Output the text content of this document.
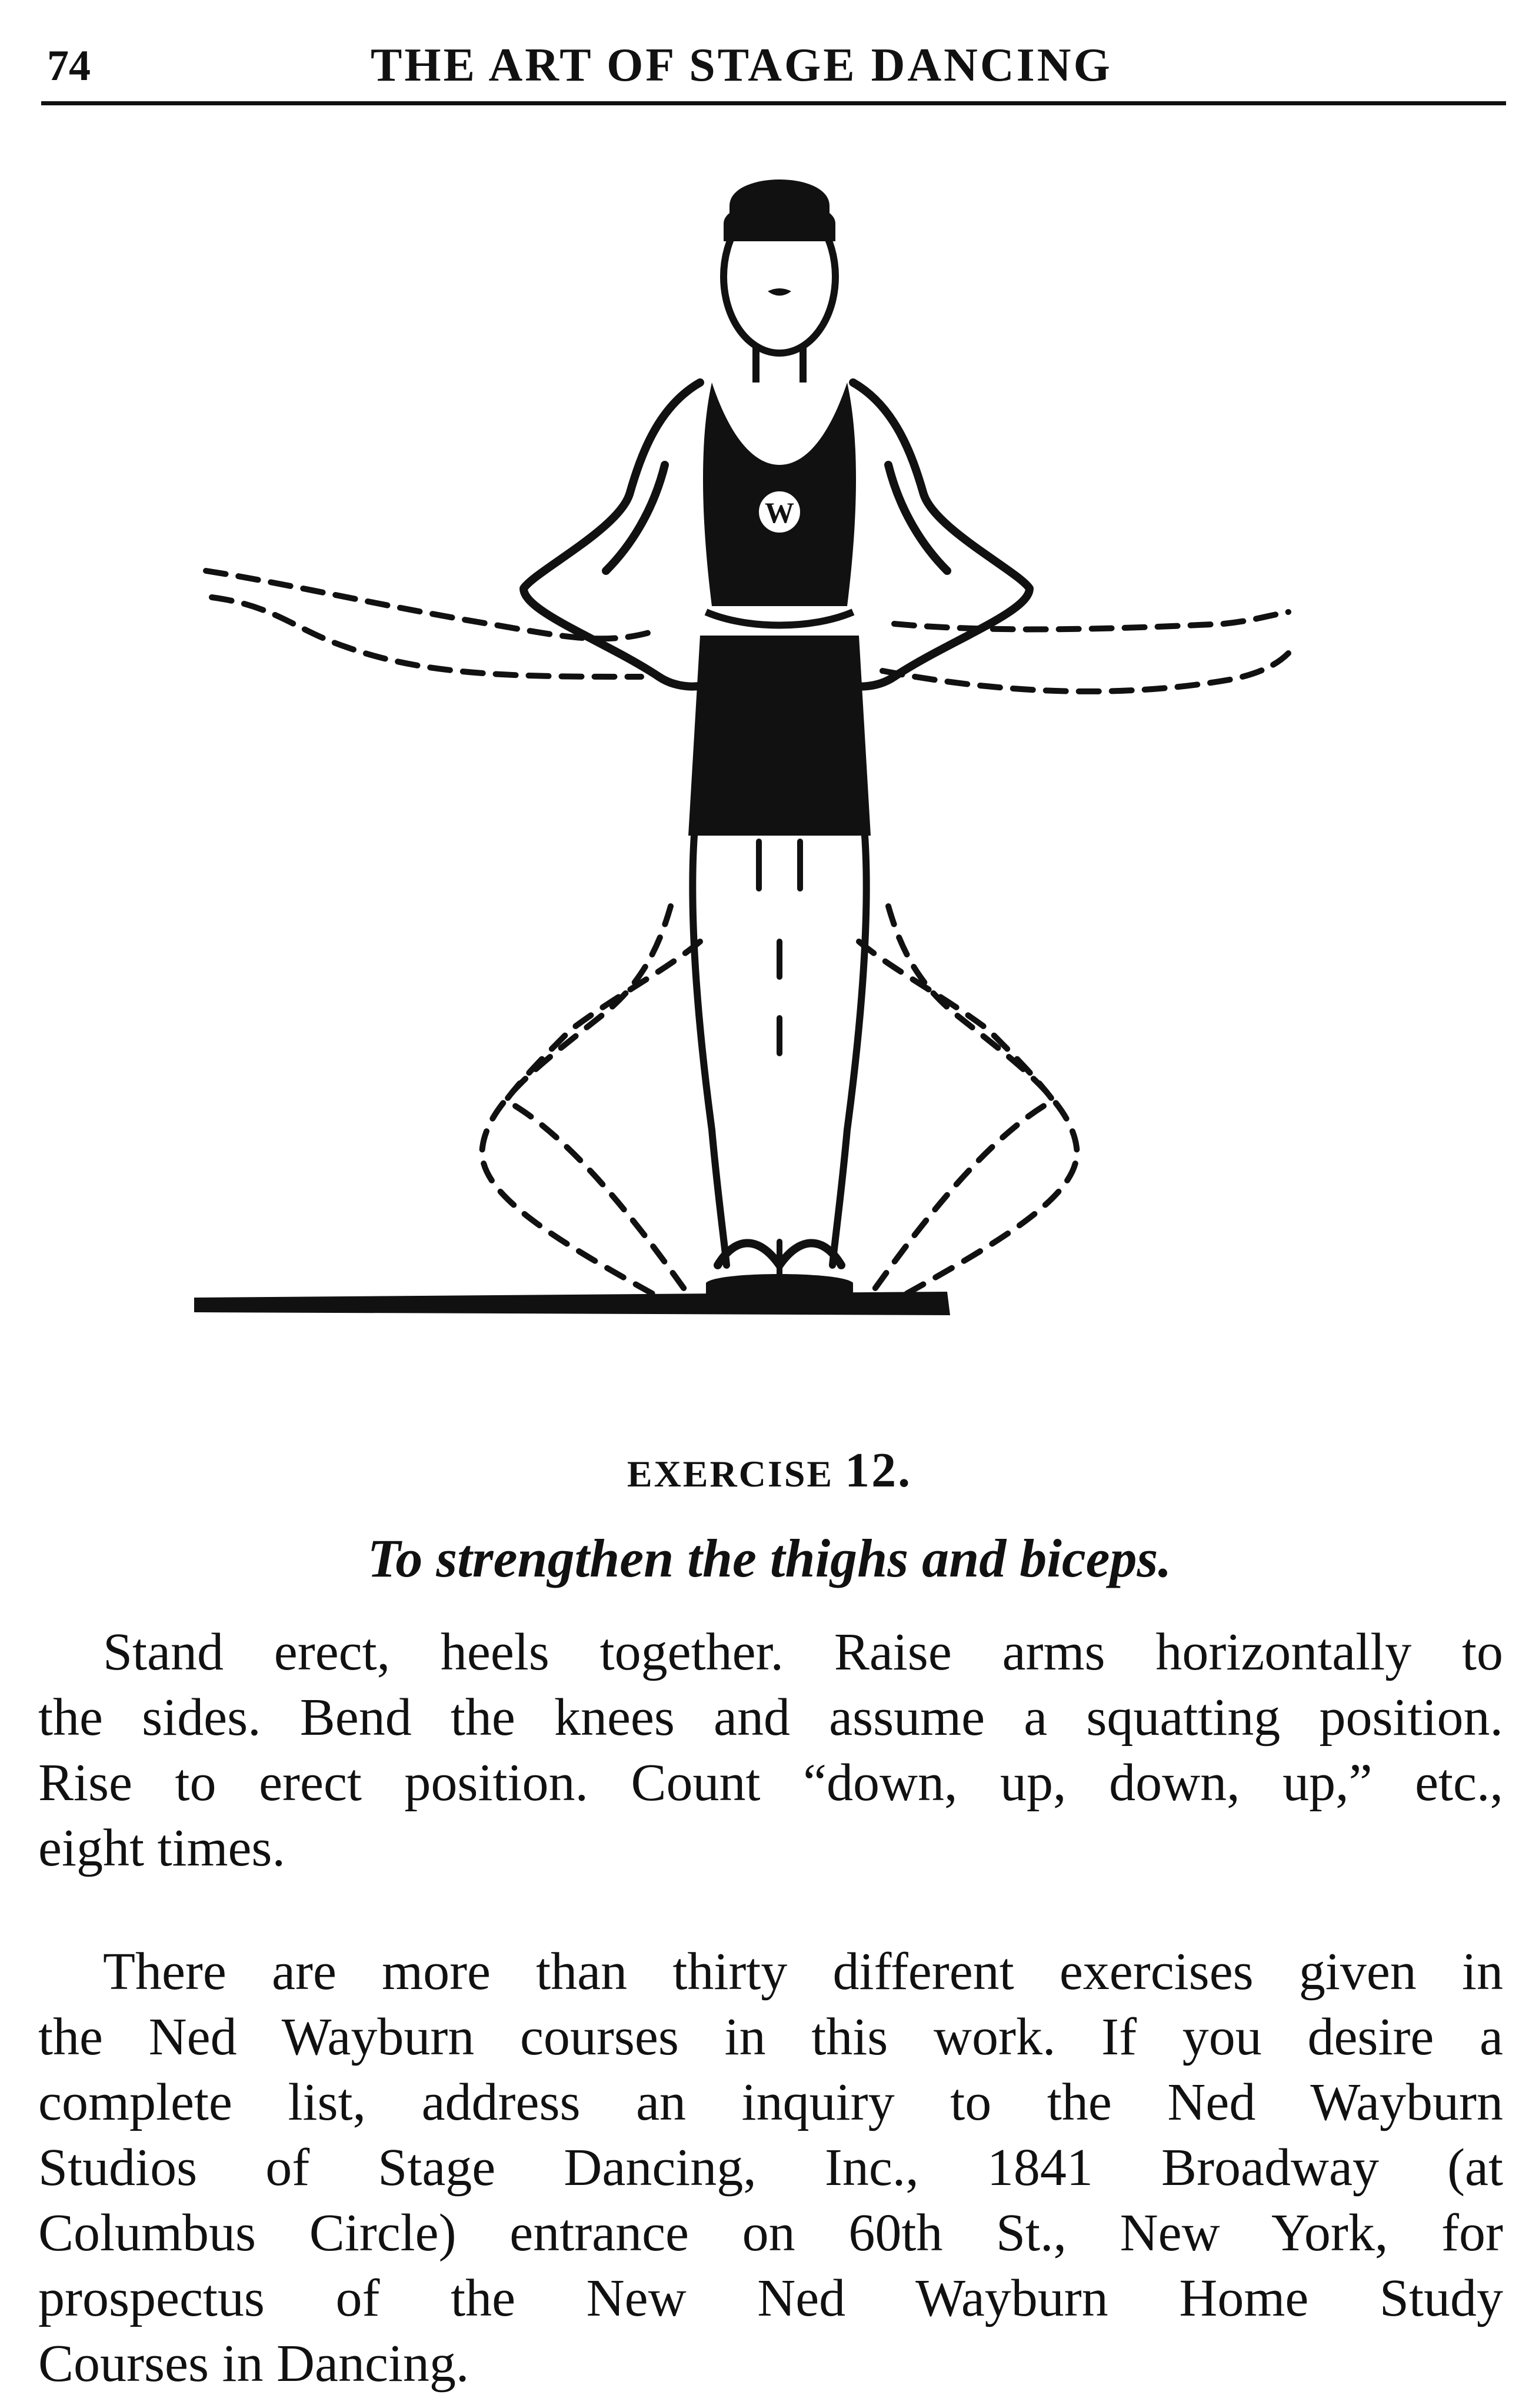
74	THE ART OF STAGE DANCING
W
EXERCISE 12.
To strengthen the thighs and biceps.
Stand erect, heels together. Raise arms horizontally to
the sides. Bend the knees and assume a squatting position.
Rise to erect position. Count “down, up, down, up,” etc.,
eight times.
There are more than thirty different exercises given in
the Ned Wayburn courses in this work. If you desire a
complete list, address an inquiry to the Ned Wayburn
Studios of Stage Dancing, Inc., 1841 Broadway (at
Columbus Circle) entrance on 60th St., New York, for
prospectus of the New Ned Wayburn Home Study
Courses in Dancing.
